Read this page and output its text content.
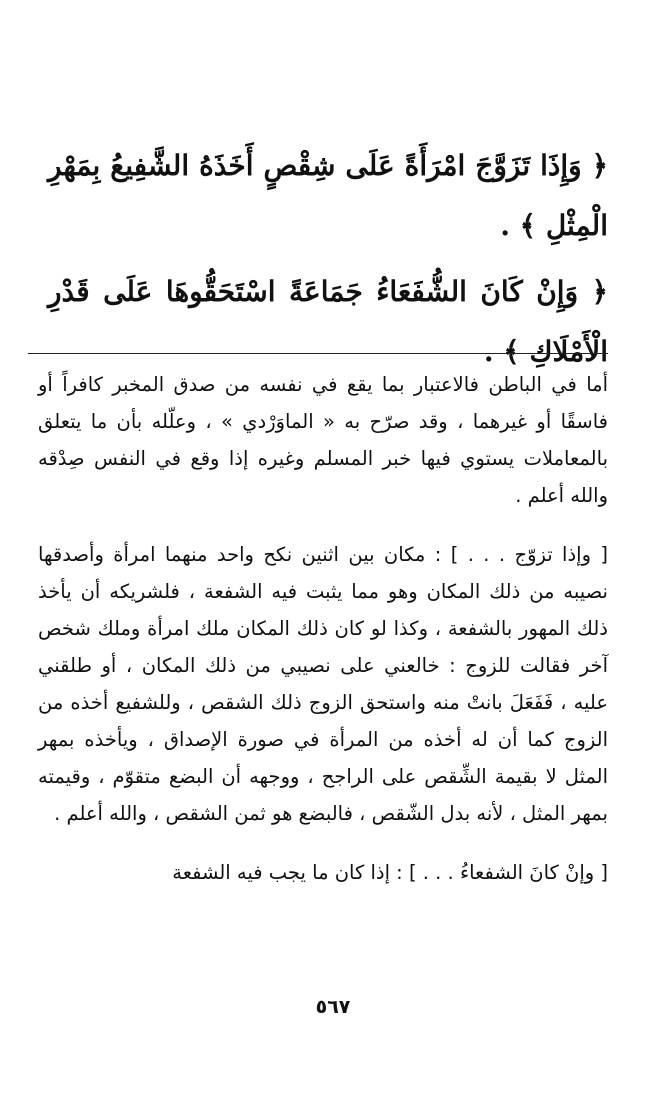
﴿ وَإِذَا تَزَوَّجَ امْرَأَةً عَلَى شِقْصٍ أَخَذَهُ الشَّفِيعُ بِمَهْرِ الْمِثْلِ ﴾ .

﴿ وَإِنْ كَانَ الشُّفَعَاءُ جَمَاعَةً اسْتَحَقُّوهَا عَلَى قَدْرِ الْأَمْلَاكِ ﴾ .

أما في الباطن فالاعتبار بما يقع في نفسه من صدق المخبر كافراً أو فاسقًا أو غيرهما ، وقد صرّح به « الماوَرْدي » ، وعلّله بأن ما يتعلق بالمعاملات يستوي فيها خبر المسلم وغيره إذا وقع في النفس صِدْقه والله أعلم .

[ وإذا تزوّج . . . ] : مكان بين اثنين نكح واحد منهما امرأة وأصدقها نصيبه من ذلك المكان وهو مما يثبت فيه الشفعة ، فلشريكه أن يأخذ ذلك المهور بالشفعة ، وكذا لو كان ذلك المكان ملك امرأة وملك شخص آخر فقالت للزوج : خالعني على نصيبي من ذلك المكان ، أو طلقني عليه ، فَفَعَلَ بانتْ منه واستحق الزوج ذلك الشقص ، وللشفيع أخذه من الزوج كما أن له أخذه من المرأة في صورة الإصداق ، ويأخذه بمهر المثل لا بقيمة الشِّقص على الراجح ، ووجهه أن البضع متقوّم ، وقيمته بمهر المثل ، لأنه بدل الشّقص ، فالبضع هو ثمن الشقص ، والله أعلم .

[ وإنْ كانَ الشفعاءُ . . . ] : إذا كان ما يجب فيه الشفعة

٥٦٧
